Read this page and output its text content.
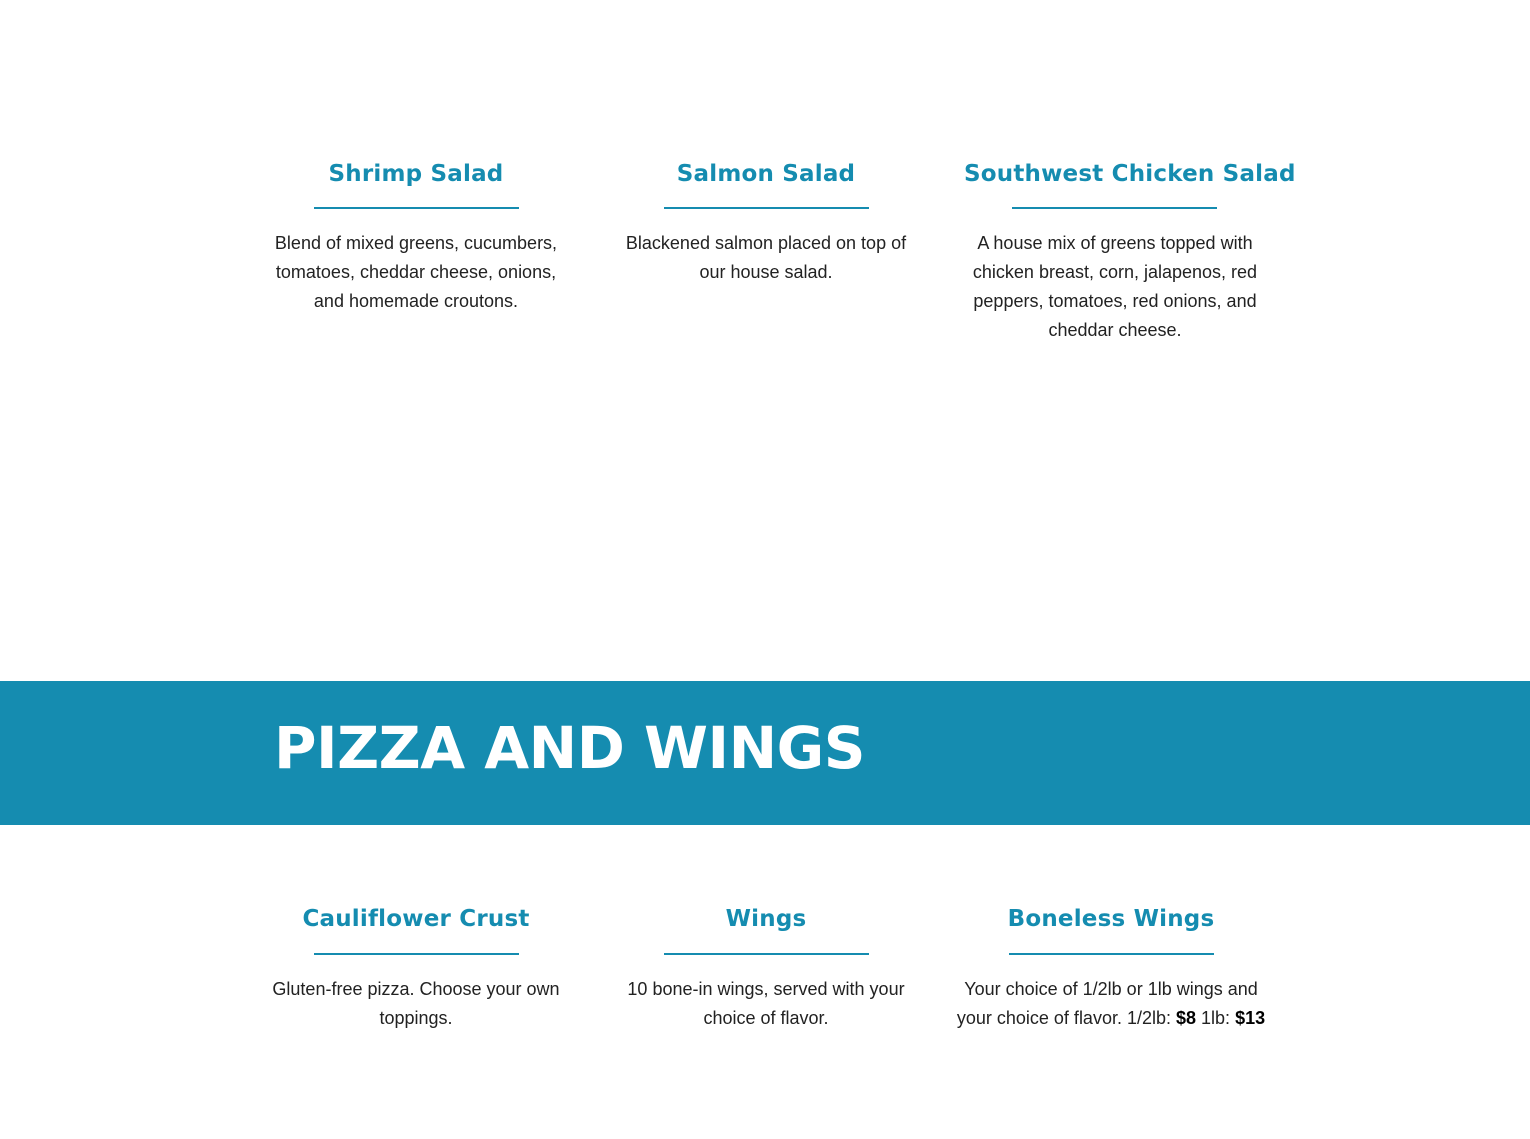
Shrimp Salad
Blend of mixed greens, cucumbers, tomatoes, cheddar cheese, onions, and homemade croutons.
Salmon Salad
Blackened salmon placed on top of our house salad.
Southwest Chicken Salad
A house mix of greens topped with chicken breast, corn, jalapenos, red peppers, tomatoes, red onions, and cheddar cheese.
PIZZA AND WINGS
Cauliflower Crust
Gluten-free pizza. Choose your own toppings.
Wings
10 bone-in wings, served with your choice of flavor.
Boneless Wings
Your choice of 1/2lb or 1lb wings and your choice of flavor. 1/2lb: $8 1lb: $13
